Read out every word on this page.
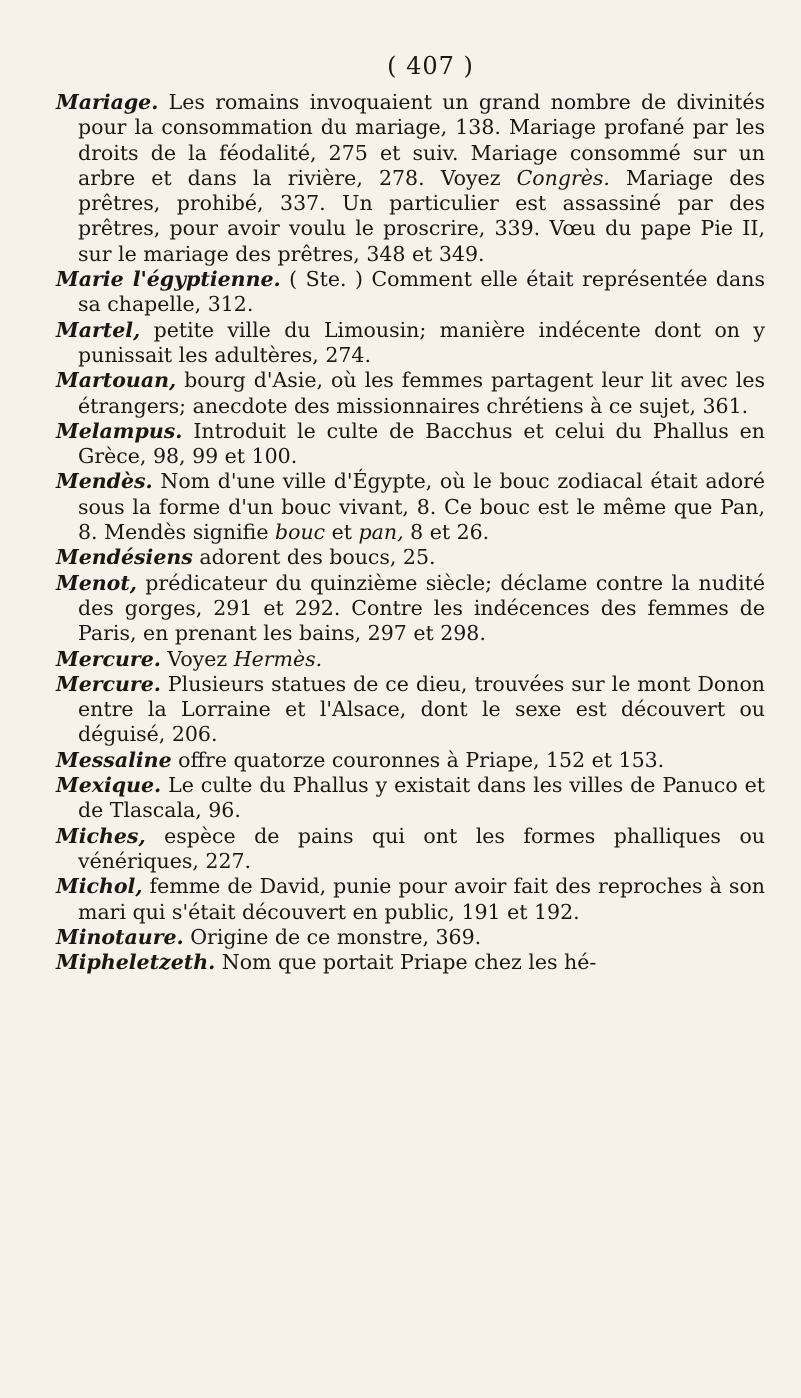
( 407 )

Mariage. Les romains invoquaient un grand nombre de divinités pour la consommation du mariage, 138. Mariage profané par les droits de la féodalité, 275 et suiv. Mariage consommé sur un arbre et dans la rivière, 278. Voyez Congrès. Mariage des prêtres, prohibé, 337. Un particulier est assassiné par des prêtres, pour avoir voulu le proscrire, 339. Vœu du pape Pie II, sur le mariage des prêtres, 348 et 349.

Marie l'égyptienne. ( Ste. ) Comment elle était représentée dans sa chapelle, 312.

Martel, petite ville du Limousin; manière indécente dont on y punissait les adultères, 274.

Martouan, bourg d'Asie, où les femmes partagent leur lit avec les étrangers; anecdote des missionnaires chrétiens à ce sujet, 361.

Melampus. Introduit le culte de Bacchus et celui du Phallus en Grèce, 98, 99 et 100.

Mendès. Nom d'une ville d'Égypte, où le bouc zodiacal était adoré sous la forme d'un bouc vivant, 8. Ce bouc est le même que Pan, 8. Mendès signifie bouc et pan, 8 et 26.

Mendésiens adorent des boucs, 25.

Menot, prédicateur du quinzième siècle; déclame contre la nudité des gorges, 291 et 292. Contre les indécences des femmes de Paris, en prenant les bains, 297 et 298.

Mercure. Voyez Hermès.

Mercure. Plusieurs statues de ce dieu, trouvées sur le mont Donon entre la Lorraine et l'Alsace, dont le sexe est découvert ou déguisé, 206.

Messaline offre quatorze couronnes à Priape, 152 et 153.

Mexique. Le culte du Phallus y existait dans les villes de Panuco et de Tlascala, 96.

Miches, espèce de pains qui ont les formes phalliques ou vénériques, 227.

Michol, femme de David, punie pour avoir fait des reproches à son mari qui s'était découvert en public, 191 et 192.

Minotaure. Origine de ce monstre, 369.

Mipheletzeth. Nom que portait Priape chez les hé-
